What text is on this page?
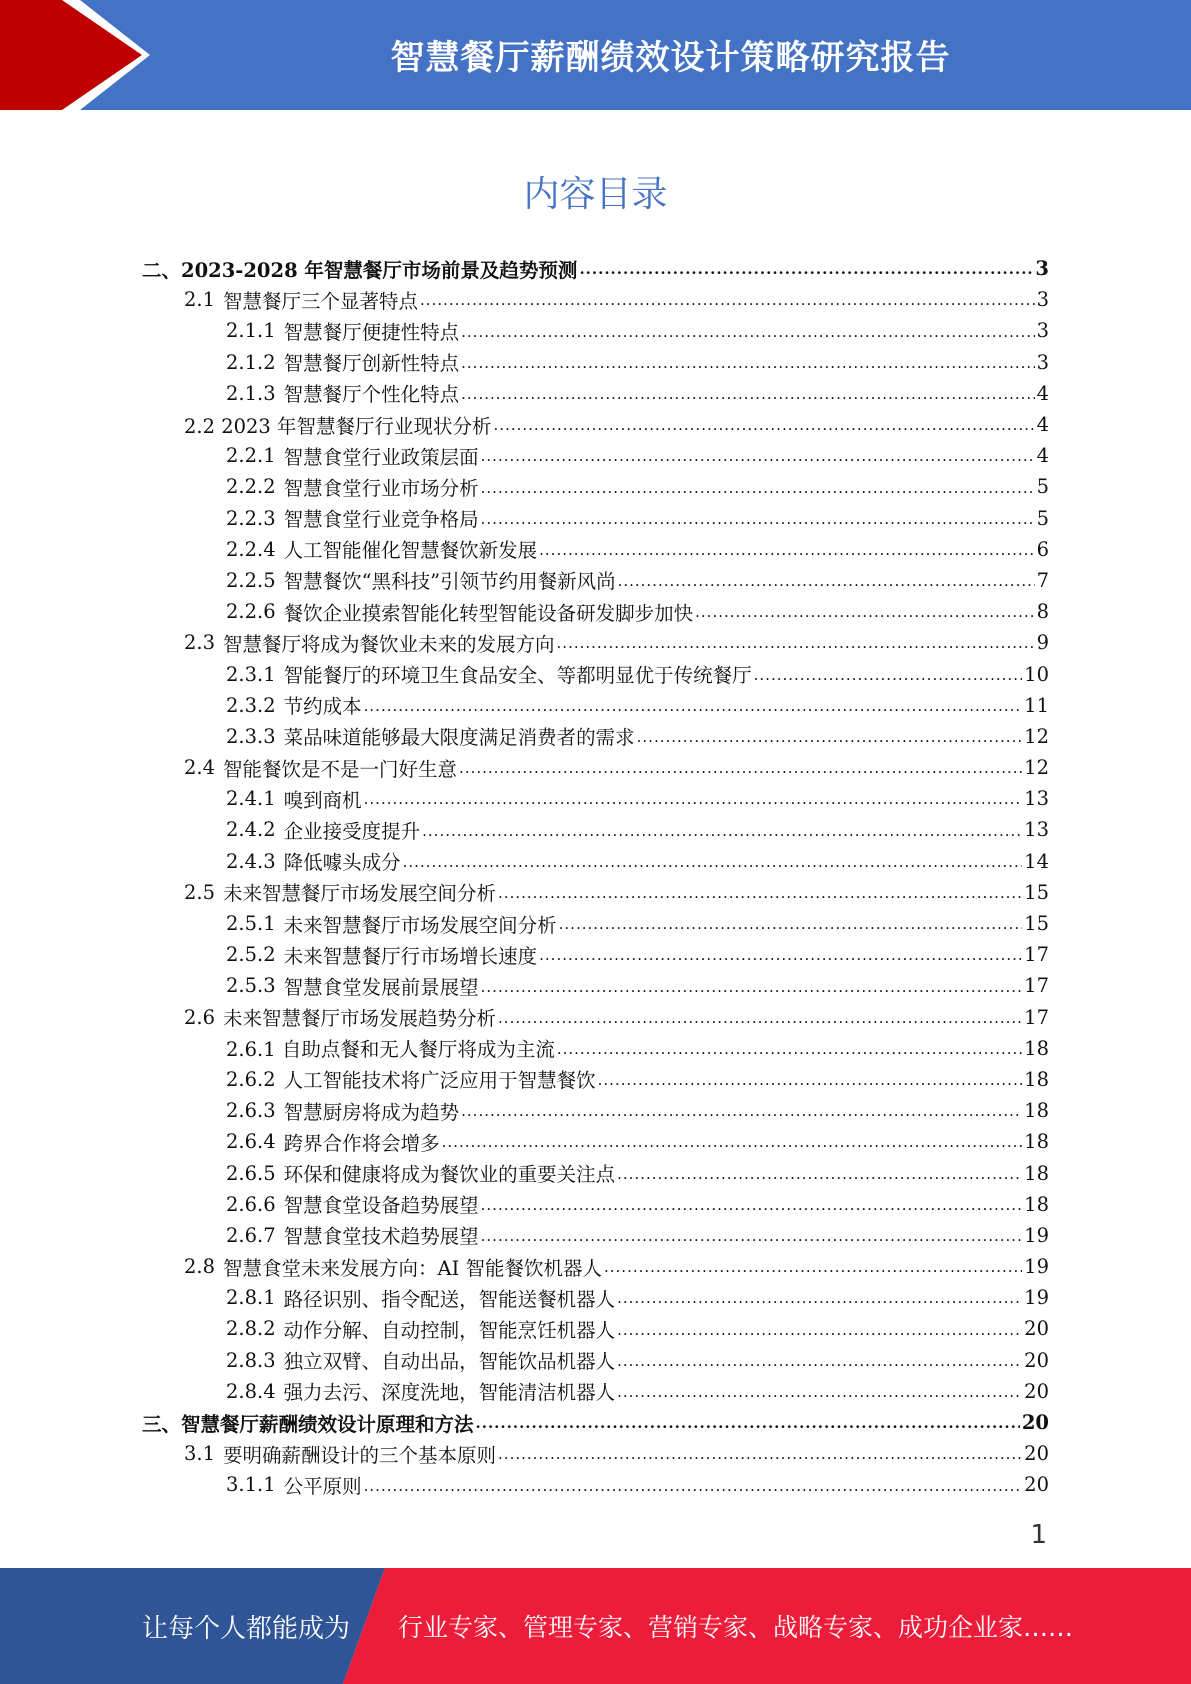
智慧餐厅薪酬绩效设计策略研究报告
内容目录
二、2023-2028 年智慧餐厅市场前景及趋势预测 .....	3
2.1 智慧餐厅三个显著特点 .....	3
2.1.1 智慧餐厅便捷性特点 .....	3
2.1.2 智慧餐厅创新性特点 .....	3
2.1.3 智慧餐厅个性化特点 .....	4
2.2 2023 年智慧餐厅行业现状分析 .....	4
2.2.1 智慧食堂行业政策层面 .....	4
2.2.2 智慧食堂行业市场分析 .....	5
2.2.3 智慧食堂行业竞争格局 .....	5
2.2.4 人工智能催化智慧餐饮新发展 .....	6
2.2.5 智慧餐饮“黑科技”引领节约用餐新风尚 .....	7
2.2.6 餐饮企业摸索智能化转型智能设备研发脚步加快 .....	8
2.3 智慧餐厅将成为餐饮业未来的发展方向 .....	9
2.3.1 智能餐厅的环境卫生食品安全、等都明显优于传统餐厅 .....	10
2.3.2 节约成本 .....	11
2.3.3 菜品味道能够最大限度满足消费者的需求 .....	12
2.4 智能餐饮是不是一门好生意 .....	12
2.4.1 嗅到商机 .....	13
2.4.2 企业接受度提升 .....	13
2.4.3 降低噱头成分 .....	14
2.5 未来智慧餐厅市场发展空间分析 .....	15
2.5.1 未来智慧餐厅市场发展空间分析 .....	15
2.5.2 未来智慧餐厅行市场增长速度 .....	17
2.5.3 智慧食堂发展前景展望 .....	17
2.6 未来智慧餐厅市场发展趋势分析 .....	17
2.6.1 自助点餐和无人餐厅将成为主流 .....	18
2.6.2 人工智能技术将广泛应用于智慧餐饮 .....	18
2.6.3 智慧厨房将成为趋势 .....	18
2.6.4 跨界合作将会增多 .....	18
2.6.5 环保和健康将成为餐饮业的重要关注点 .....	18
2.6.6 智慧食堂设备趋势展望 .....	18
2.6.7 智慧食堂技术趋势展望 .....	19
2.8 智慧食堂未来发展方向：AI 智能餐饮机器人 .....	19
2.8.1 路径识别、指令配送，智能送餐机器人 .....	19
2.8.2 动作分解、自动控制，智能烹饪机器人 .....	20
2.8.3 独立双臂、自动出品，智能饮品机器人 .....	20
2.8.4 强力去污、深度洗地，智能清洁机器人 .....	20
三、智慧餐厅薪酬绩效设计原理和方法 .....	20
3.1 要明确薪酬设计的三个基本原则 .....	20
3.1.1 公平原则 .....	20
1
让每个人都能成为 行业专家、管理专家、营销专家、战略专家、成功企业家……
